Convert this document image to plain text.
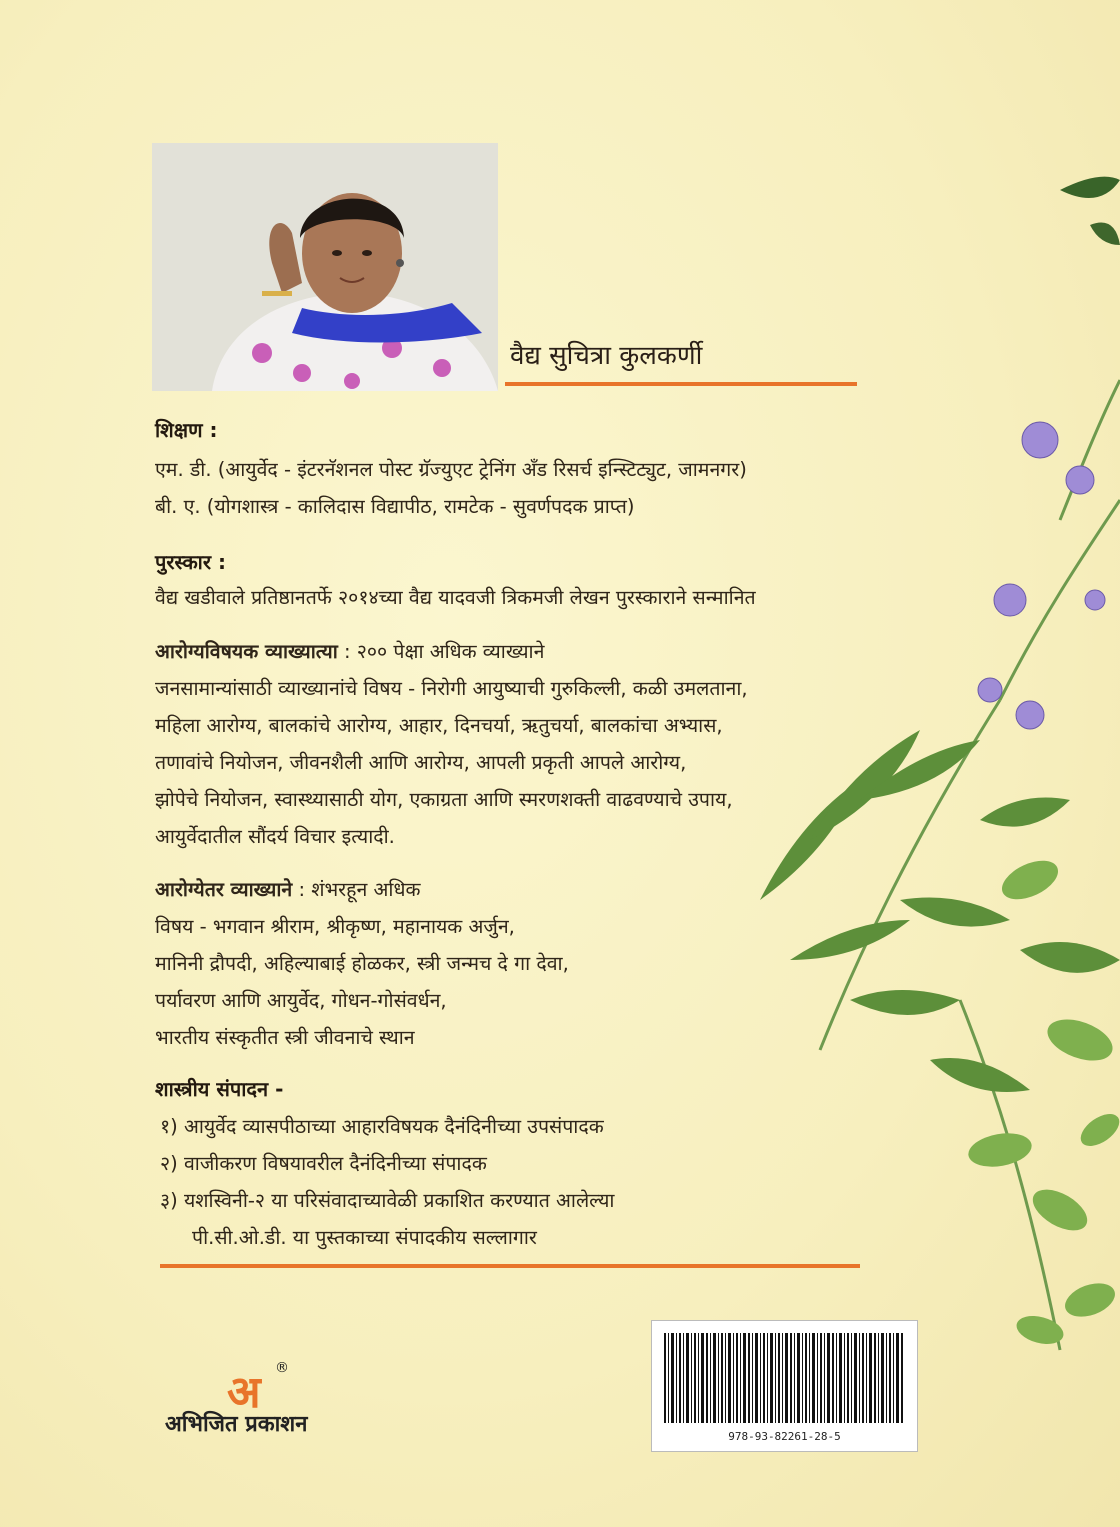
वैद्य सुचित्रा कुलकर्णी
शिक्षण :
एम. डी. (आयुर्वेद - इंटरनॅशनल पोस्ट ग्रॅज्युएट ट्रेनिंग अँड रिसर्च इन्स्टिट्युट, जामनगर)
बी. ए. (योगशास्त्र - कालिदास विद्यापीठ, रामटेक - सुवर्णपदक प्राप्त)
पुरस्कार :
वैद्य खडीवाले प्रतिष्ठानतर्फे २०१४च्या वैद्य यादवजी त्रिकमजी लेखन पुरस्काराने सन्मानित
आरोग्यविषयक व्याख्यात्या : २०० पेक्षा अधिक व्याख्याने
जनसामान्यांसाठी व्याख्यानांचे विषय - निरोगी आयुष्याची गुरुकिल्ली, कळी उमलताना,
महिला आरोग्य, बालकांचे आरोग्य, आहार, दिनचर्या, ऋतुचर्या, बालकांचा अभ्यास,
तणावांचे नियोजन, जीवनशैली आणि आरोग्य, आपली प्रकृती आपले आरोग्य,
झोपेचे नियोजन, स्वास्थ्यासाठी योग, एकाग्रता आणि स्मरणशक्ती वाढवण्याचे उपाय,
आयुर्वेदातील सौंदर्य विचार इत्यादी.
आरोग्येतर व्याख्याने : शंभरहून अधिक
विषय - भगवान श्रीराम, श्रीकृष्ण, महानायक अर्जुन,
मानिनी द्रौपदी, अहिल्याबाई होळकर, स्त्री जन्मच दे गा देवा,
पर्यावरण आणि आयुर्वेद, गोधन-गोसंवर्धन,
भारतीय संस्कृतीत स्त्री जीवनाचे स्थान
शास्त्रीय संपादन -
१) आयुर्वेद व्यासपीठाच्या आहारविषयक दैनंदिनीच्या उपसंपादक
२) वाजीकरण विषयावरील दैनंदिनीच्या संपादक
३) यशस्विनी-२ या परिसंवादाच्यावेळी प्रकाशित करण्यात आलेल्या
पी.सी.ओ.डी. या पुस्तकाच्या संपादकीय सल्लागार
अ ®
अभिजित प्रकाशन	978-93-82261-28-5
